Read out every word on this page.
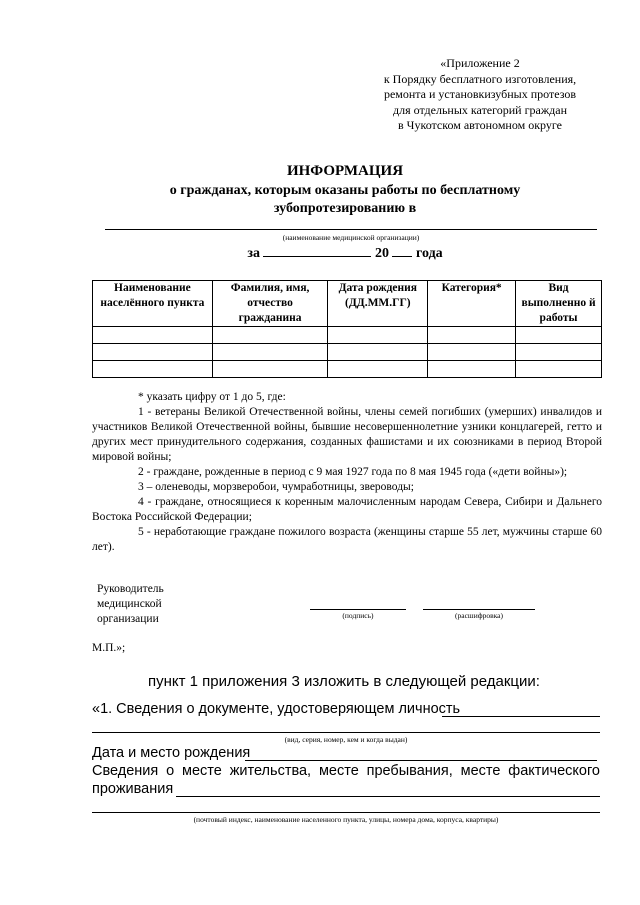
«Приложение 2
к Порядку бесплатного изготовления,
ремонта и установкизубных протезов
для отдельных категорий граждан
в Чукотском автономном округе
ИНФОРМАЦИЯ
о гражданах, которым оказаны работы по бесплатному
зубопротезированию в
(наименование медицинской организации)
за	20 года
Наименование населённого пункта	Фамилия, имя, отчество гражданина	Дата рождения (ДД.ММ.ГГ)	Категория*	Вид выполненно й работы

* указать цифру от 1 до 5, где:

1 - ветераны Великой Отечественной войны, члены семей погибших (умерших) инвалидов и участников Великой Отечественной войны, бывшие несовершеннолетние узники концлагерей, гетто и других мест принудительного содержания, созданных фашистами и их союзниками в период Второй мировой войны;

2 - граждане, рожденные в период с 9 мая 1927 года по 8 мая 1945 года («дети войны»);

3 – оленеводы, морзверобои, чумработницы, звероводы;

4 - граждане, относящиеся к коренным малочисленным народам Севера, Сибири и Дальнего Востока Российской Федерации;

5 - неработающие граждане пожилого возраста (женщины старше 55 лет, мужчины старше 60 лет).

Руководитель медицинской организации	(подпись)	(расшифровка)
М.П.»;
пункт 1 приложения 3 изложить в следующей редакции:
«1. Сведения о документе, удостоверяющем личность
(вид, серия, номер, кем и когда выдан)
Дата и место рождения
Сведения о месте жительства, месте пребывания, месте фактического
проживания
(почтовый индекс, наименование населенного пункта, улицы, номера дома, корпуса, квартиры)
